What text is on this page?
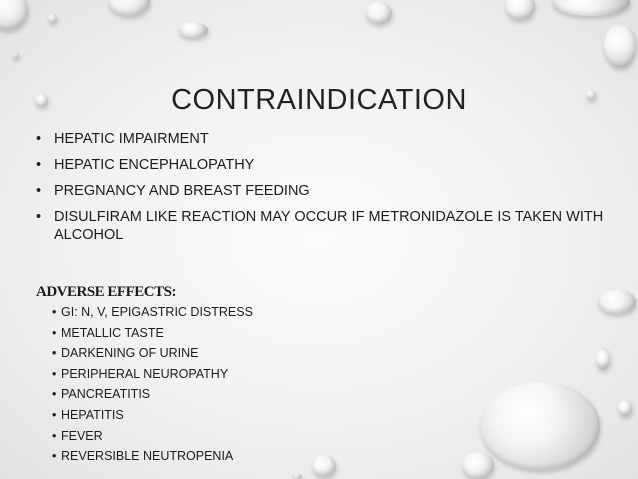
CONTRAINDICATION
• HEPATIC IMPAIRMENT
• HEPATIC ENCEPHALOPATHY
• PREGNANCY AND BREAST FEEDING
• DISULFIRAM LIKE REACTION MAY OCCUR IF METRONIDAZOLE IS TAKEN WITH ALCOHOL
ADVERSE EFFECTS:
• GI: N, V, EPIGASTRIC DISTRESS
• METALLIC TASTE
• DARKENING OF URINE
• PERIPHERAL NEUROPATHY
• PANCREATITIS
• HEPATITIS
• FEVER
• REVERSIBLE NEUTROPENIA
